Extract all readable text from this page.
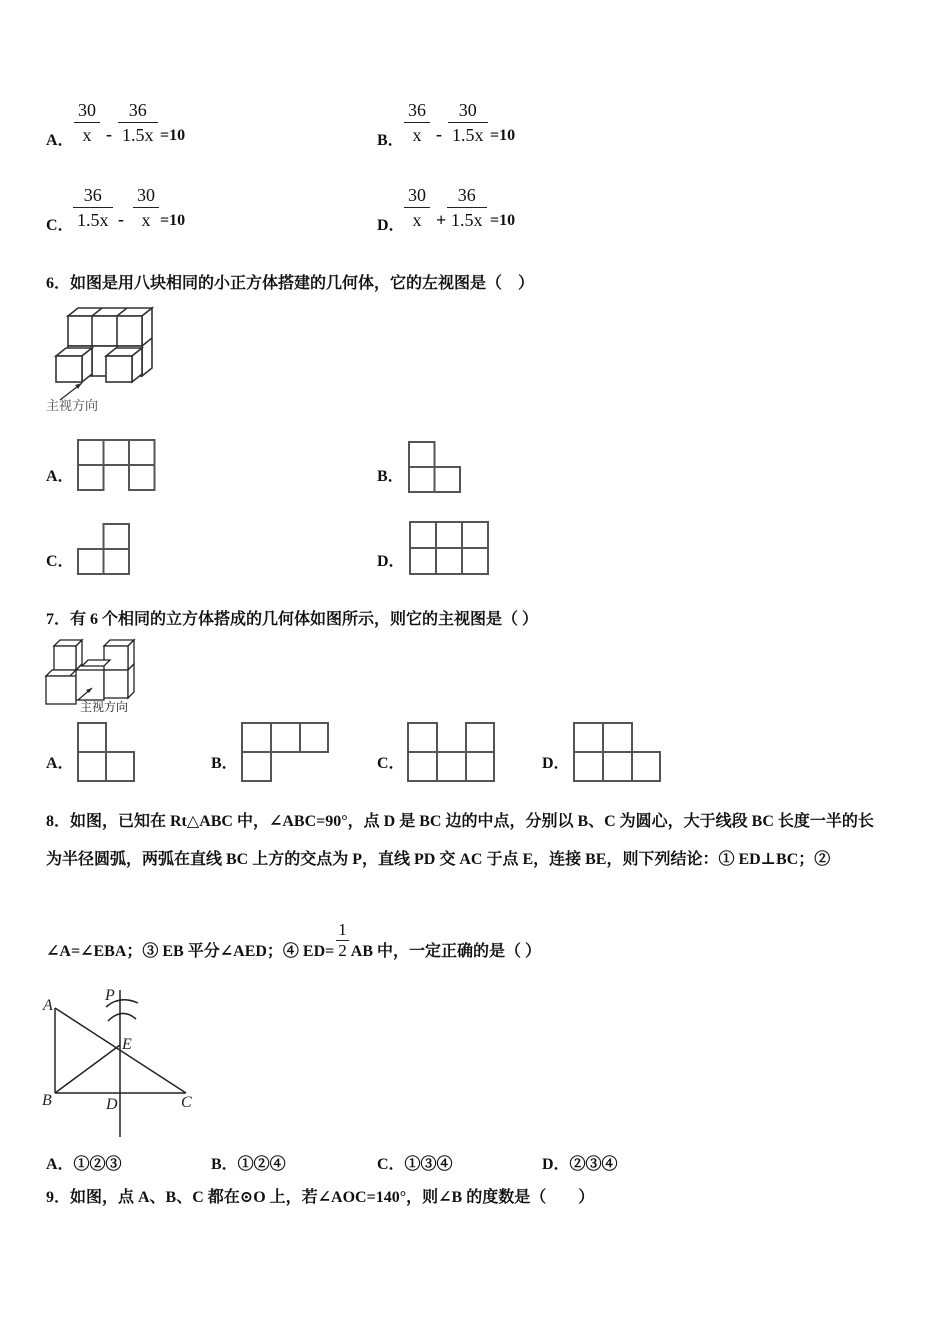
A． $\frac{30}{x} - \frac{36}{1.5x} =10$	B． $\frac{36}{x} - \frac{30}{1.5x} =10$
C． $\frac{36}{1.5x} - \frac{30}{x} =10$	D． $\frac{30}{x} + \frac{36}{1.5x} =10$
6．如图是用八块相同的小正方体搭建的几何体，它的左视图是（　）
主视方向
A．	B．
C．	D．
7．有 6 个相同的立方体搭成的几何体如图所示，则它的主视图是（ ）
主视方向
A．	B．	C．	D．
8．如图，已知在 Rt△ABC 中，∠ABC=90°，点 D 是 BC 边的中点，分别以 B、C 为圆心，大于线段 BC 长度一半的长
为半径圆弧，两弧在直线 BC 上方的交点为 P，直线 PD 交 AC 于点 E，连接 BE，则下列结论：① ED⊥BC；②
∠A=∠EBA；③ EB 平分∠AED；④ $ED= \frac{1}{2}$ AB 中，一定正确的是（ ）
A
B	D	C
E
P
A．①②③	B．①②④	C．①③④	D．②③④
9．如图，点 A、B、C 都在⊙O 上，若∠AOC=140°，则∠B 的度数是（　　）
